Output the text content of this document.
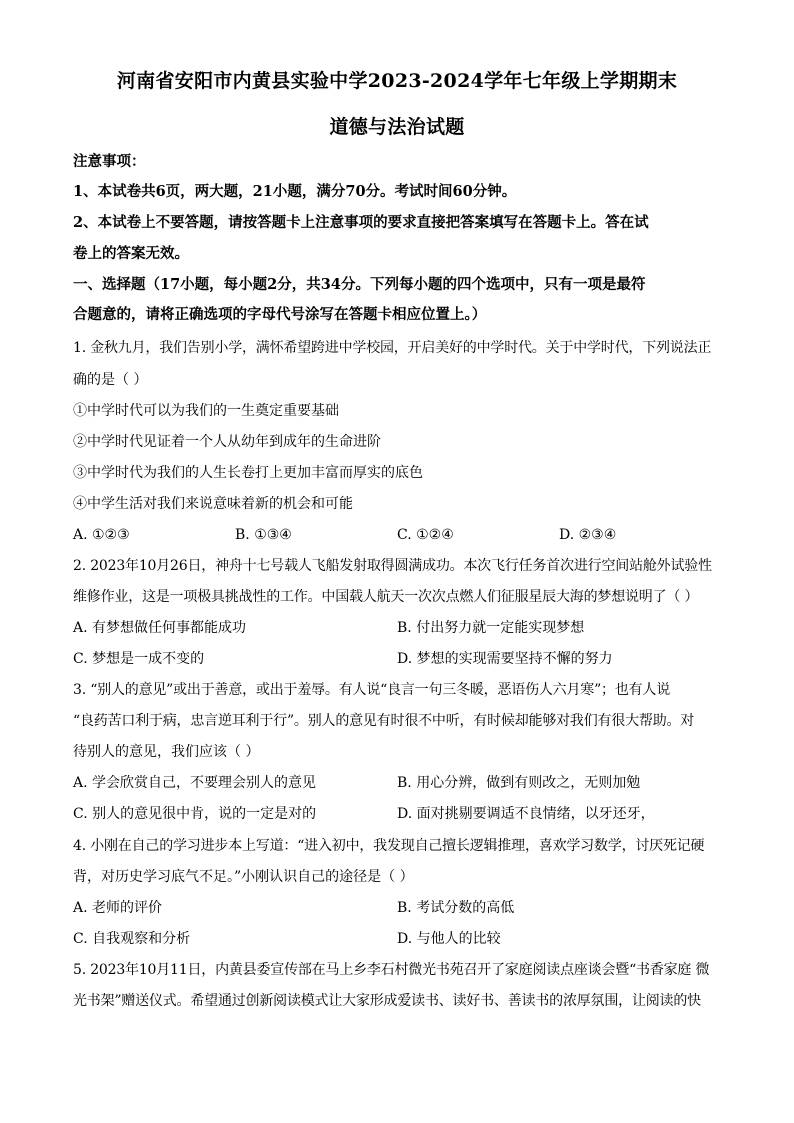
河南省安阳市内黄县实验中学2023-2024学年七年级上学期期末
道德与法治试题
注意事项：
1、本试卷共6页，两大题，21小题，满分70分。考试时间60分钟。
2、本试卷上不要答题，请按答题卡上注意事项的要求直接把答案填写在答题卡上。答在试
卷上的答案无效。
一、选择题（17小题，每小题2分，共34分。下列每小题的四个选项中，只有一项是最符
合题意的，请将正确选项的字母代号涂写在答题卡相应位置上。）
1. 金秋九月，我们告别小学，满怀希望跨进中学校园，开启美好的中学时代。关于中学时代，下列说法正
确的是（ ）
①中学时代可以为我们的一生奠定重要基础
②中学时代见证着一个人从幼年到成年的生命进阶
③中学时代为我们的人生长卷打上更加丰富而厚实的底色
④中学生活对我们来说意味着新的机会和可能
A. ①②③	B. ①③④	C. ①②④	D. ②③④
2. 2023年10月26日，神舟十七号载人飞船发射取得圆满成功。本次飞行任务首次进行空间站舱外试验性
维修作业，这是一项极具挑战性的工作。中国载人航天一次次点燃人们征服星辰大海的梦想说明了（ ）
A. 有梦想做任何事都能成功	B. 付出努力就一定能实现梦想
C. 梦想是一成不变的	D. 梦想的实现需要坚持不懈的努力
3. “别人的意见”或出于善意，或出于羞辱。有人说“良言一句三冬暖，恶语伤人六月寒”；也有人说
“良药苦口利于病，忠言逆耳利于行”。别人的意见有时很不中听，有时候却能够对我们有很大帮助。对
待别人的意见，我们应该（ ）
A. 学会欣赏自己，不要理会别人的意见	B. 用心分辨，做到有则改之，无则加勉
C. 别人的意见很中肯，说的一定是对的	D. 面对挑剔要调适不良情绪，以牙还牙，
4. 小刚在自己的学习进步本上写道：“进入初中，我发现自己擅长逻辑推理，喜欢学习数学，讨厌死记硬
背，对历史学习底气不足。”小刚认识自己的途径是（ ）
A. 老师的评价	B. 考试分数的高低
C. 自我观察和分析	D. 与他人的比较
5. 2023年10月11日，内黄县委宣传部在马上乡李石村微光书苑召开了家庭阅读点座谈会暨“书香家庭 微
光书架”赠送仪式。希望通过创新阅读模式让大家形成爱读书、读好书、善读书的浓厚氛围，让阅读的快
